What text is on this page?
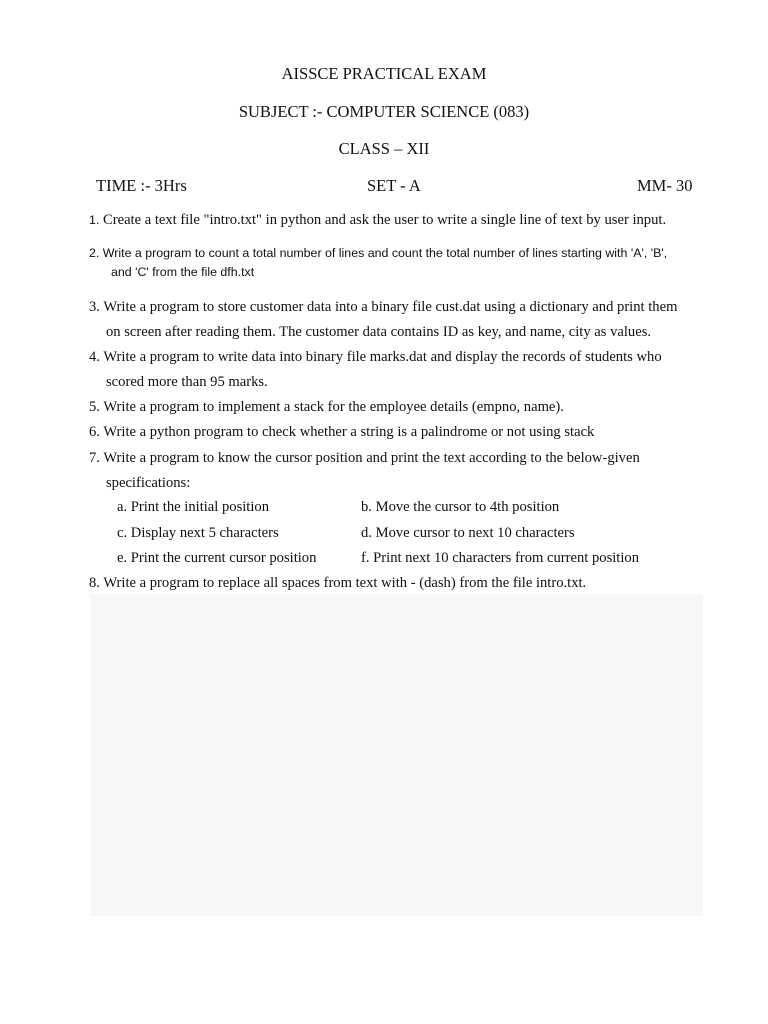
AISSCE PRACTICAL EXAM
SUBJECT :- COMPUTER SCIENCE (083)
CLASS – XII
TIME :- 3Hrs	SET - A	MM- 30
1. Create a text file "intro.txt" in python and ask the user to write a single line of text by user input.
2. Write a program to count a total number of lines and count the total number of lines starting with 'A', 'B',
and 'C' from the file dfh.txt
3. Write a program to store customer data into a binary file cust.dat using a dictionary and print them
on screen after reading them. The customer data contains ID as key, and name, city as values.
4. Write a program to write data into binary file marks.dat and display the records of students who
scored more than 95 marks.
5. Write a program to implement a stack for the employee details (empno, name).
6. Write a python program to check whether a string is a palindrome or not using stack
7. Write a program to know the cursor position and print the text according to the below-given
specifications:
a. Print the initial position	b. Move the cursor to 4th position
c. Display next 5 characters	d. Move cursor to next 10 characters
e. Print the current cursor position	f. Print next 10 characters from current position
8. Write a program to replace all spaces from text with - (dash) from the file intro.txt.
